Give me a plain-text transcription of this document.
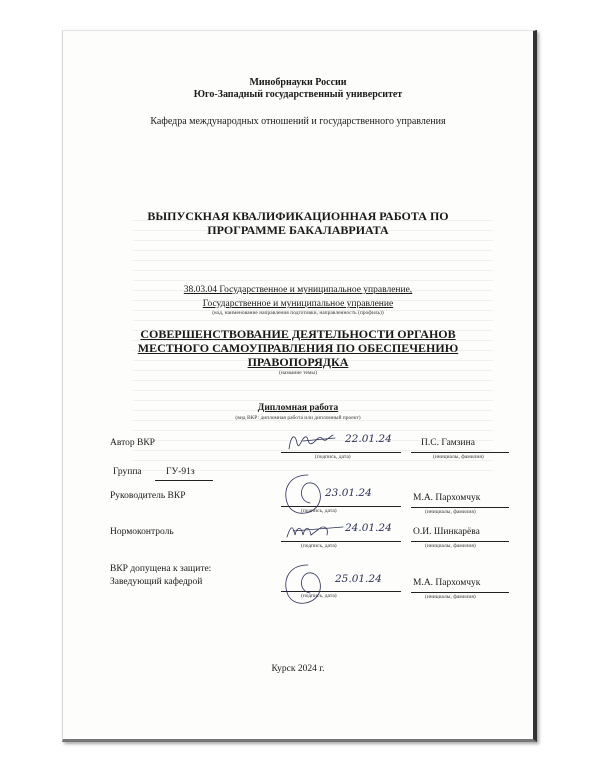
Минобрнауки России
Юго-Западный государственный университет
Кафедра международных отношений и государственного управления
ВЫПУСКНАЯ КВАЛИФИКАЦИОННАЯ РАБОТА ПО
ПРОГРАММЕ БАКАЛАВРИАТА
38.03.04 Государственное и муниципальное управление,
Государственное и муниципальное управление
(код, наименование направления подготовки, направленность (профиль))
СОВЕРШЕНСТВОВАНИЕ ДЕЯТЕЛЬНОСТИ ОРГАНОВ
МЕСТНОГО САМОУПРАВЛЕНИЯ ПО ОБЕСПЕЧЕНИЮ
ПРАВОПОРЯДКА
(название темы)
Дипломная работа
(вид ВКР: дипломная работа или дипломный проект)
Автор ВКР	22.01.24
(подпись, дата)
П.С. Гамзина
(инициалы, фамилия)
Группа	ГУ-91з
Руководитель ВКР	23.01.24
(подпись, дата)
М.А. Пархомчук
(инициалы, фамилия)
Нормоконтроль	24.01.24
(подпись, дата)
О.И. Шинкарёва
(инициалы, фамилия)
ВКР допущена к защите:
Заведующий кафедрой	25.01.24
(подпись, дата)
М.А. Пархомчук
(инициалы, фамилия)
Курск 2024 г.
